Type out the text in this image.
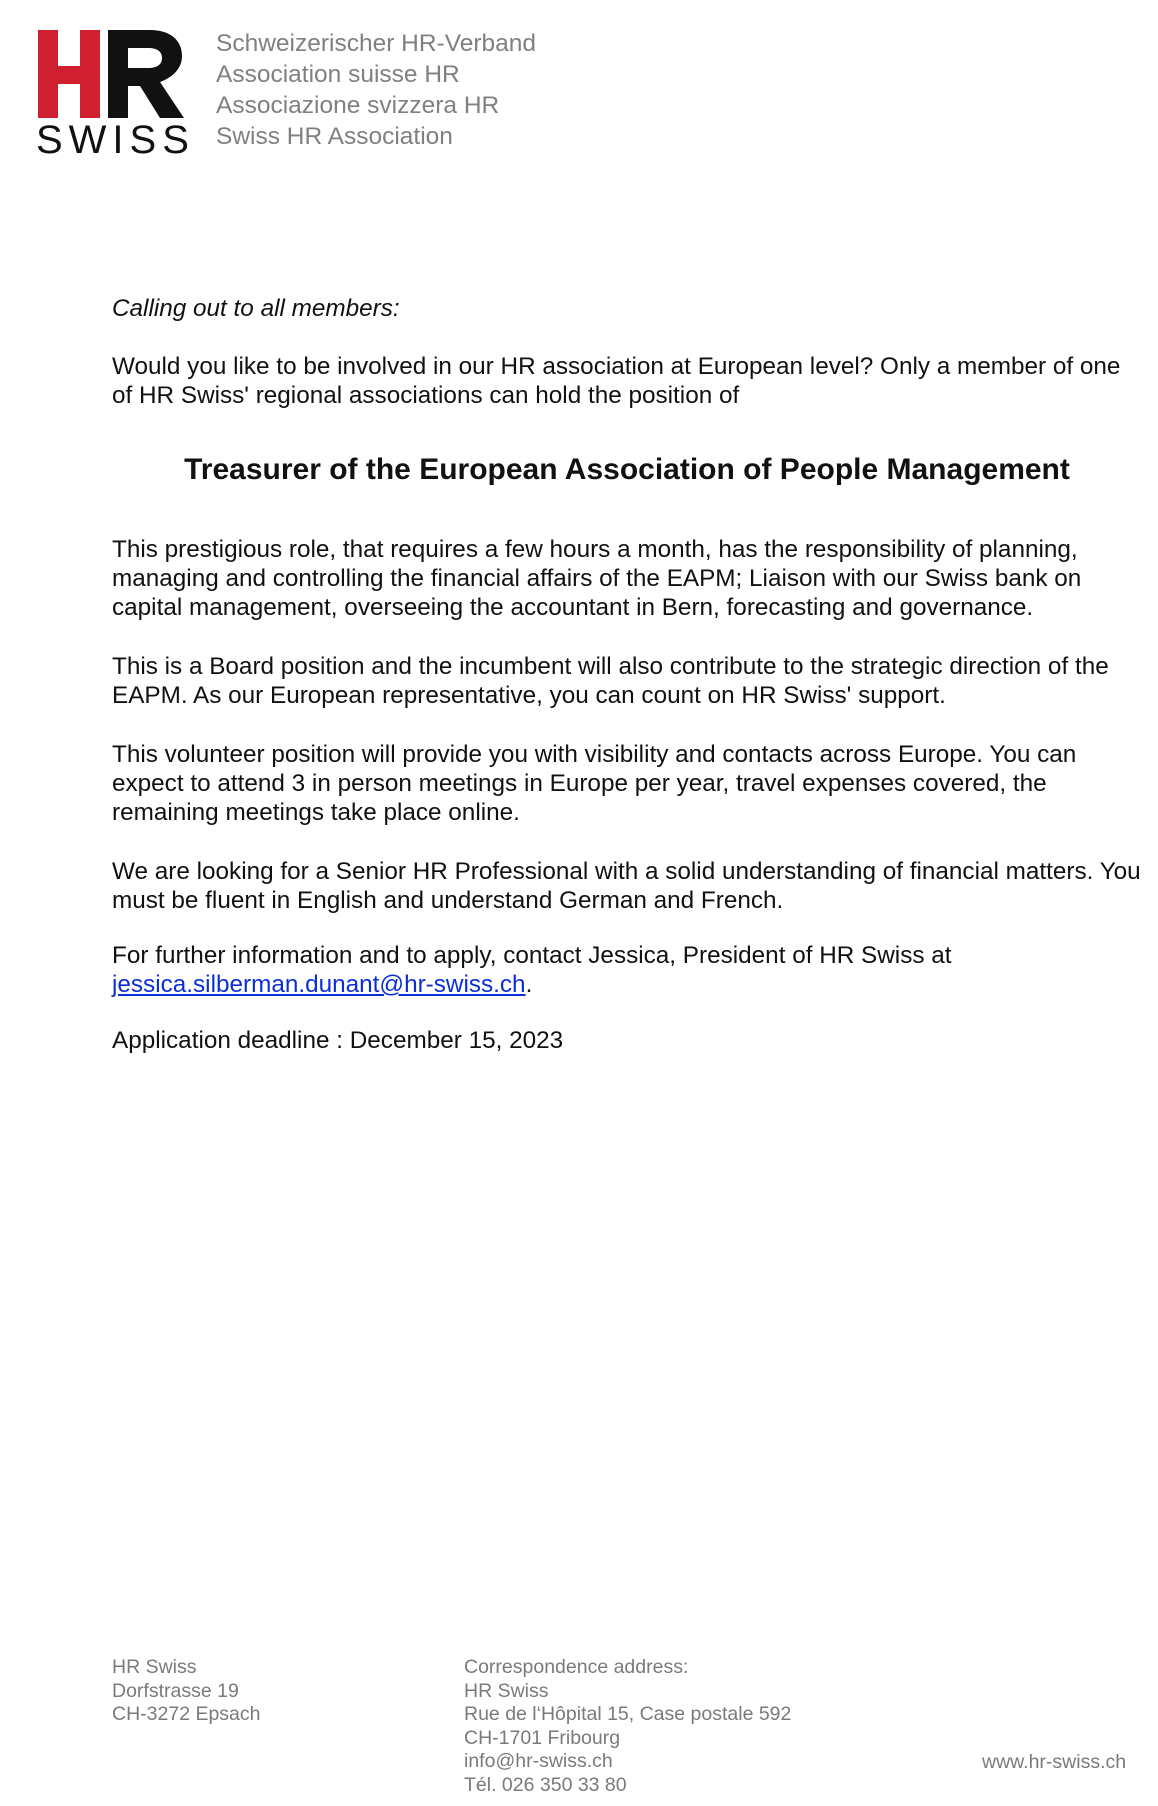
SWISS
Schweizerischer HR-Verband
Association suisse HR
Associazione svizzera HR
Swiss HR Association

Calling out to all members:

Would you like to be involved in our HR association at European level? Only a member of one of HR Swiss' regional associations can hold the position of

Treasurer of the European Association of People Management

This prestigious role, that requires a few hours a month, has the responsibility of planning, managing and controlling the financial affairs of the EAPM; Liaison with our Swiss bank on capital management, overseeing the accountant in Bern, forecasting and governance.

This is a Board position and the incumbent will also contribute to the strategic direction of the EAPM. As our European representative, you can count on HR Swiss' support.

This volunteer position will provide you with visibility and contacts across Europe. You can expect to attend 3 in person meetings in Europe per year, travel expenses covered, the remaining meetings take place online.

We are looking for a Senior HR Professional with a solid understanding of financial matters. You must be fluent in English and understand German and French.

For further information and to apply, contact Jessica, President of HR Swiss at
jessica.silberman.dunant@hr-swiss.ch.

Application deadline : December 15, 2023

HR Swiss
Dorfstrasse 19
CH-3272 Epsach
Correspondence address:
HR Swiss
Rue de l‘Hôpital 15, Case postale 592
CH-1701 Fribourg
info@hr-swiss.ch
Tél. 026 350 33 80
www.hr-swiss.ch
